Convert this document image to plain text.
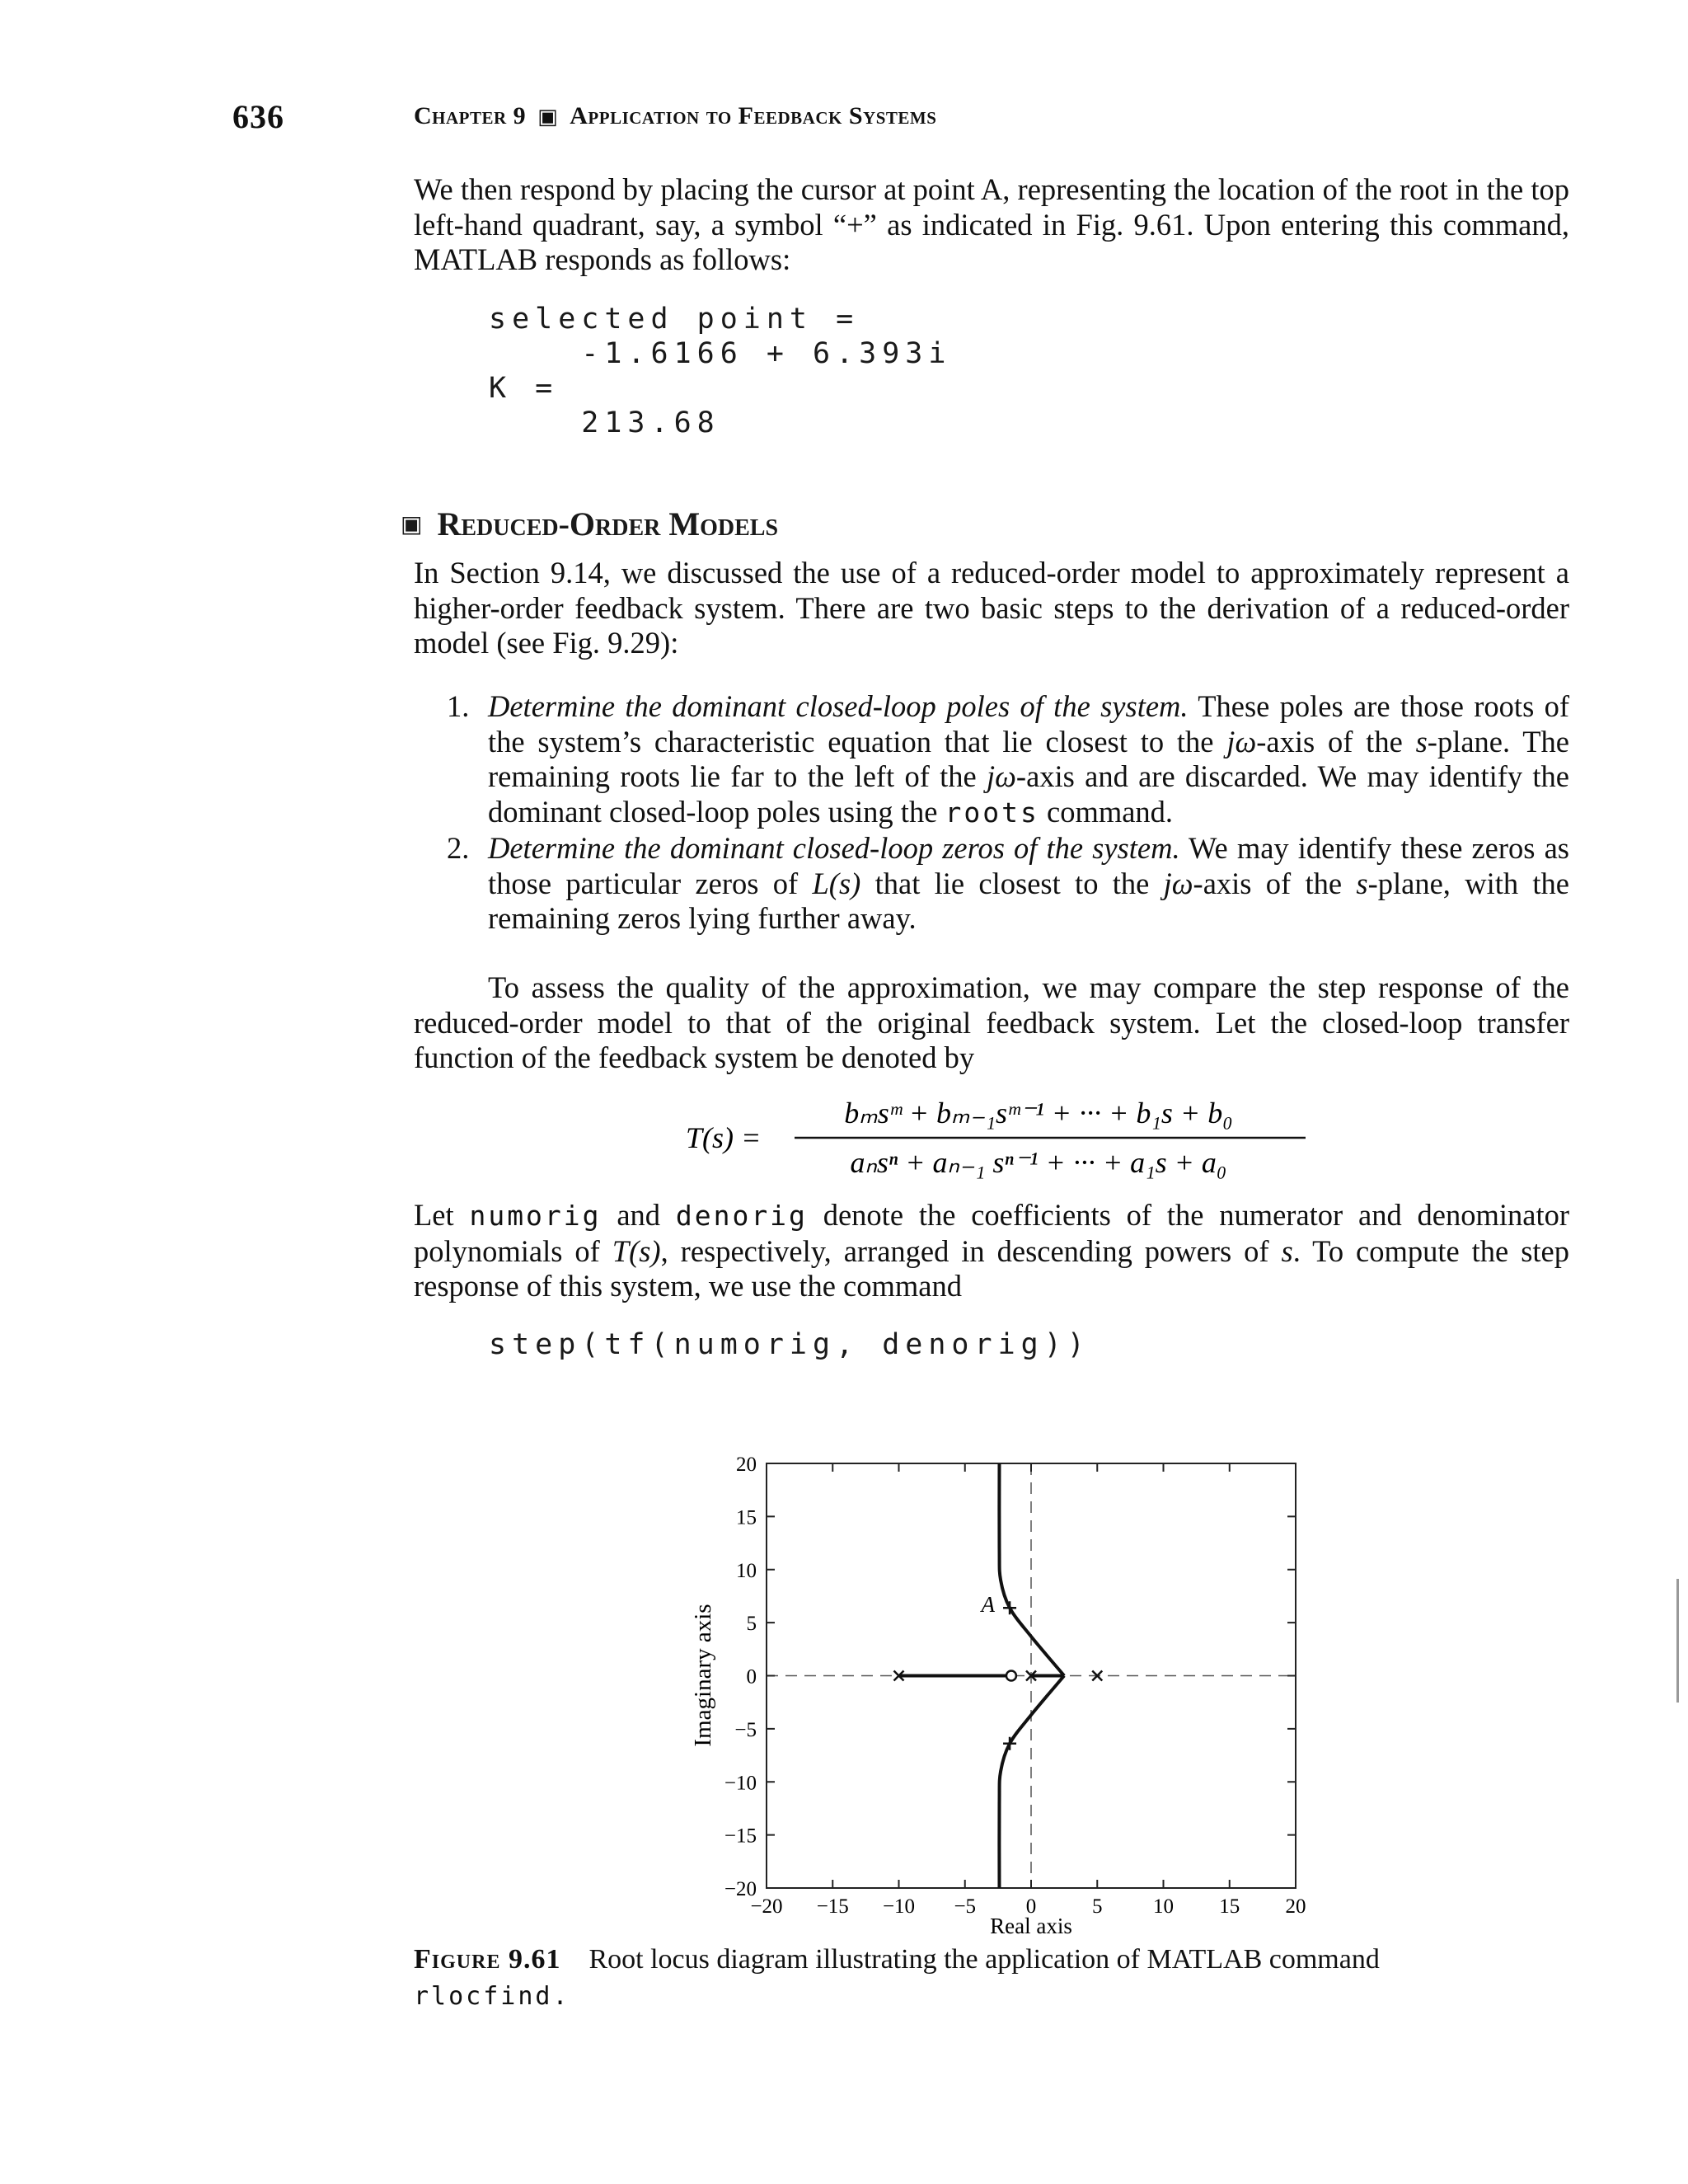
636	Chapter 9 ▣ Application to Feedback Systems
We then respond by placing the cursor at point A, representing the location of the root in the top left-hand quadrant, say, a symbol “+” as indicated in Fig. 9.61. Upon entering this command, MATLAB responds as follows:
selected point =
-1.6166 + 6.393i
K =
213.68
▣ Reduced-Order Models
In Section 9.14, we discussed the use of a reduced-order model to approximately represent a higher-order feedback system. There are two basic steps to the derivation of a reduced-order model (see Fig. 9.29):
1. Determine the dominant closed-loop poles of the system. These poles are those roots of the system’s characteristic equation that lie closest to the jω-axis of the s-plane. The remaining roots lie far to the left of the jω-axis and are discarded. We may identify the dominant closed-loop poles using the roots command.
2. Determine the dominant closed-loop zeros of the system. We may identify these zeros as those particular zeros of L(s) that lie closest to the jω-axis of the s-plane, with the remaining zeros lying further away.
To assess the quality of the approximation, we may compare the step response of the reduced-order model to that of the original feedback system. Let the closed-loop transfer function of the feedback system be denoted by
T(s) =
bₘsᵐ + bₘ₋₁sᵐ⁻¹ + ··· + b₁s + b₀
aₙsⁿ + aₙ₋₁ sⁿ⁻¹ + ··· + a₁s + a₀
Let numorig and denorig denote the coefficients of the numerator and denominator polynomials of T(s), respectively, arranged in descending powers of s. To compute the step response of this system, we use the command
step(tf(numorig, denorig))
−20 −15 −10 −5 0	5 10 15 20
20
15
10
5
0
−5
−10
−15
−20
A
Real axis
Imaginary axis
Figure 9.61 Root locus diagram illustrating the application of MATLAB command
rlocfind.
